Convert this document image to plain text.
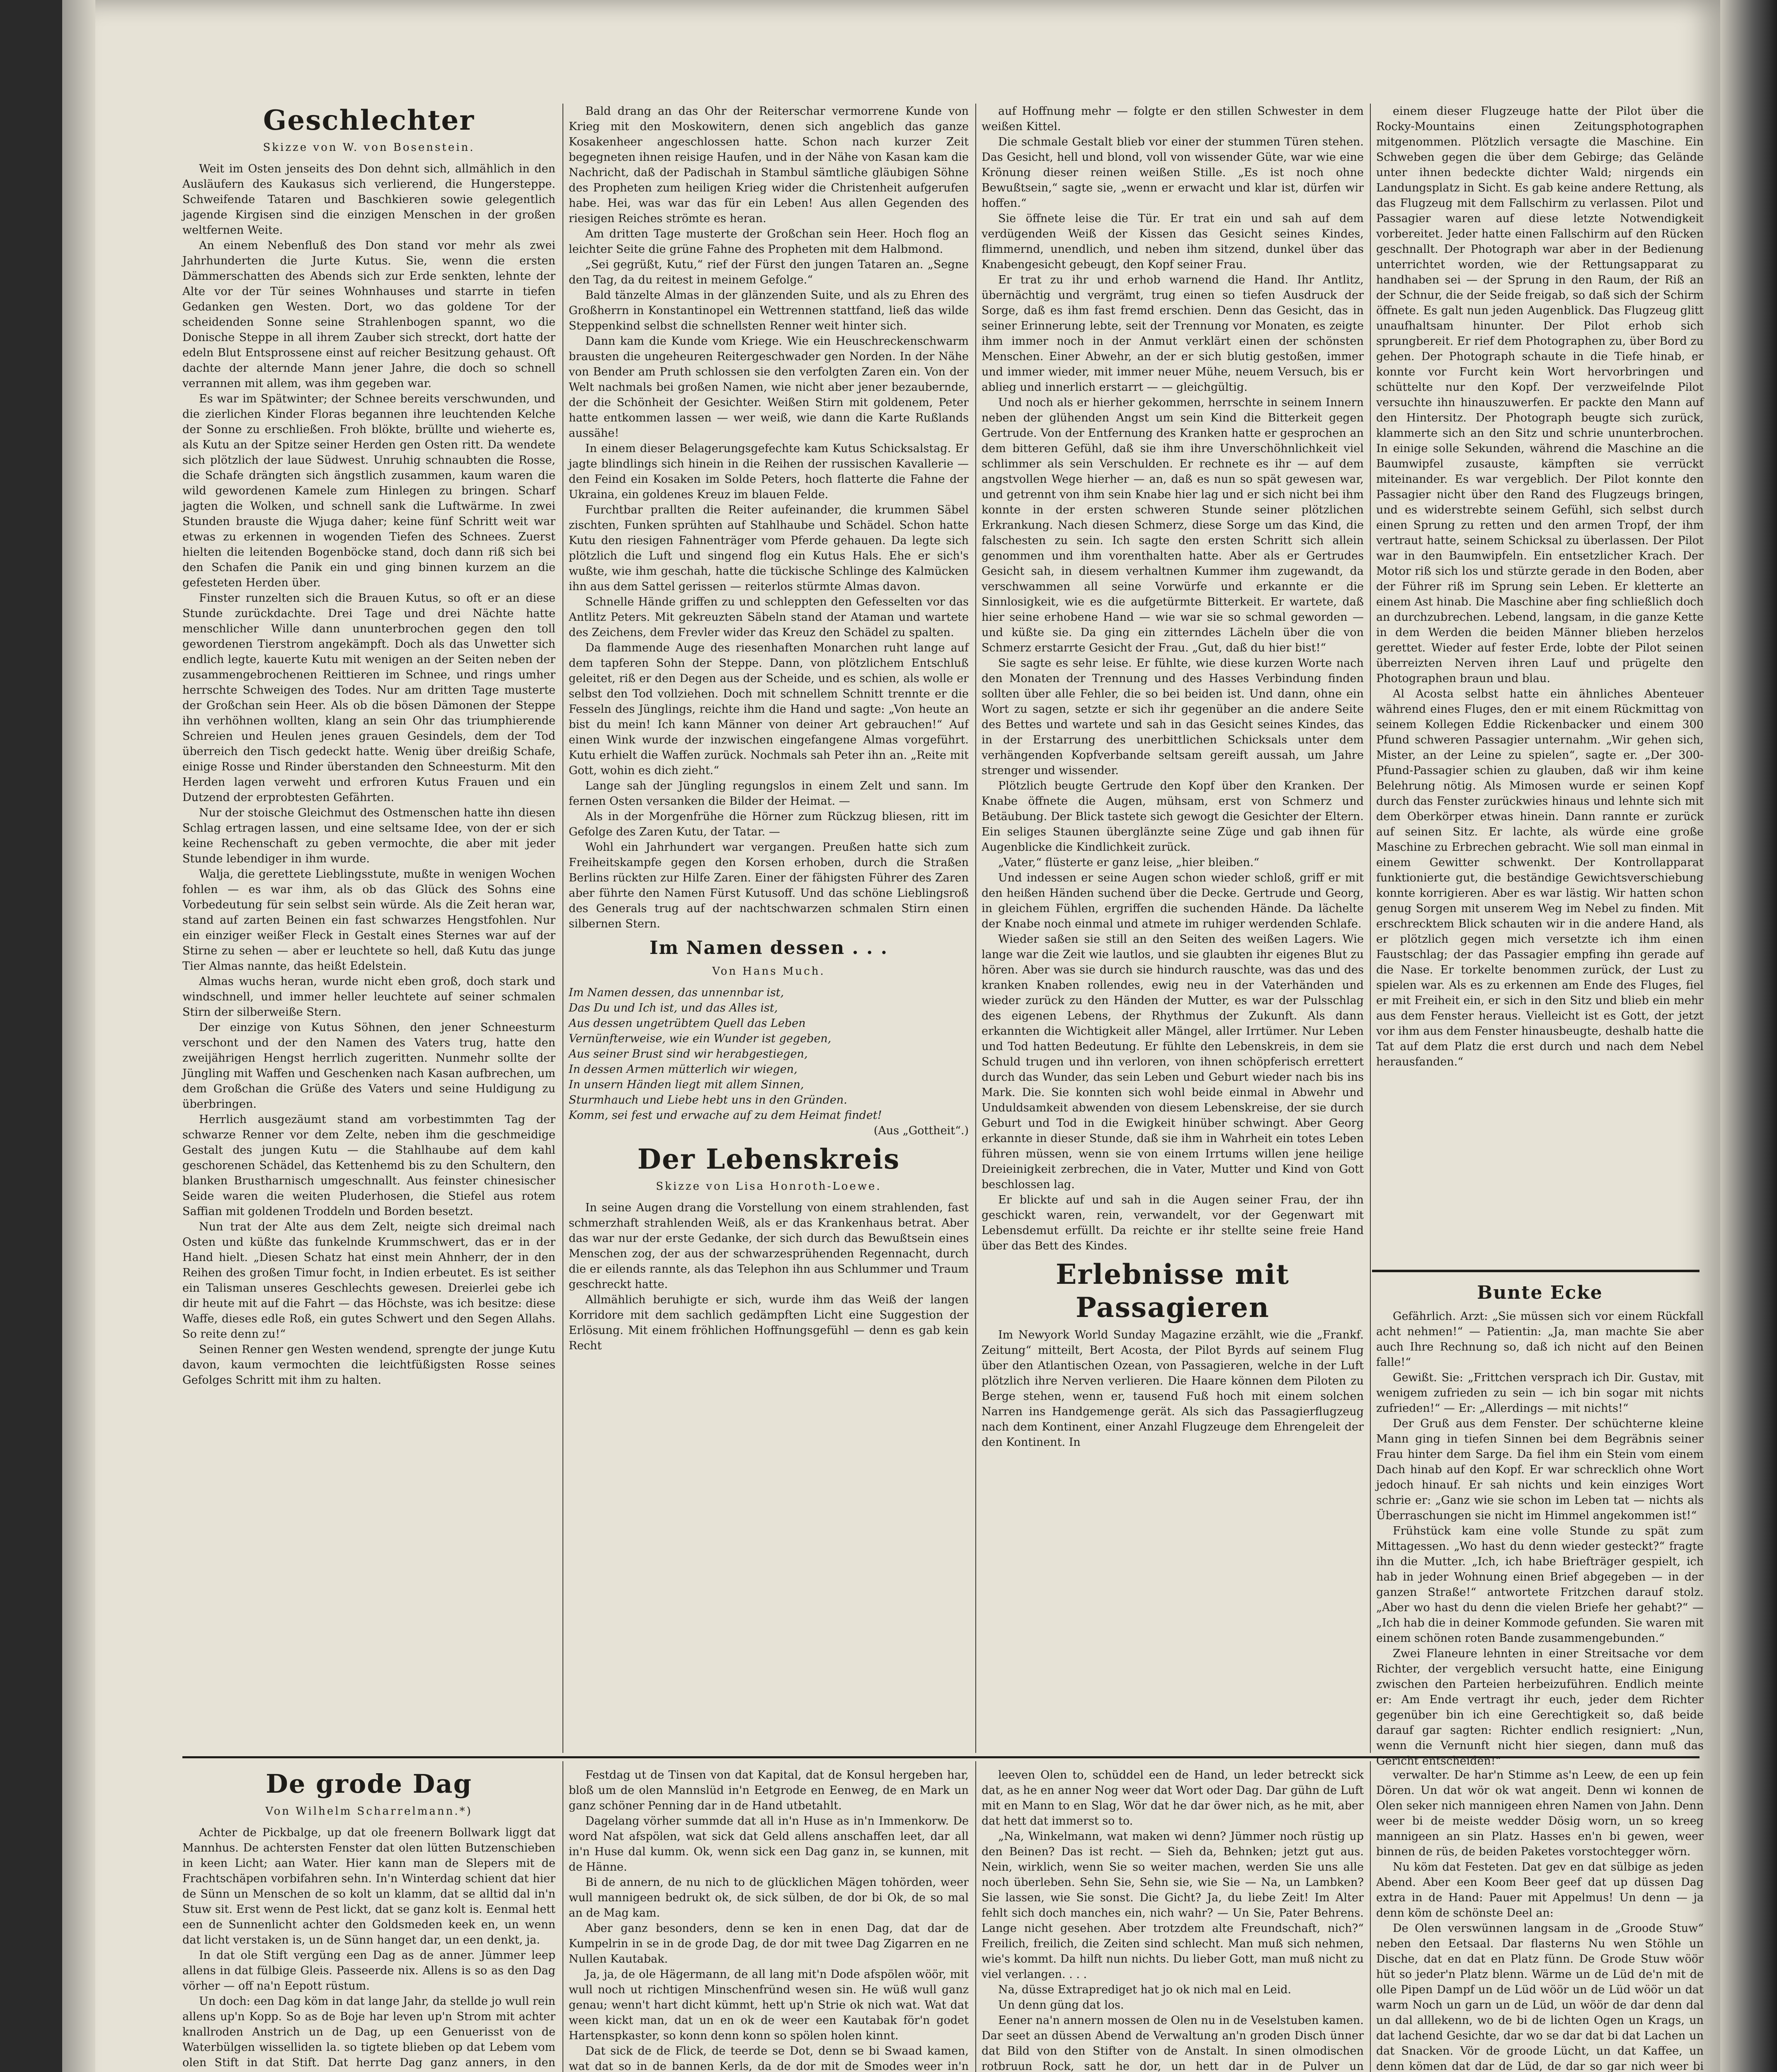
Geschlechter

Skizze von W. von Bosenstein.

Weit im Osten jenseits des Don dehnt sich, allmählich in den Ausläufern des Kaukasus sich verlierend, die Hungersteppe. Schweifende Tataren und Baschkieren sowie gelegentlich jagende Kirgisen sind die einzigen Menschen in der großen weltfernen Weite.

An einem Nebenfluß des Don stand vor mehr als zwei Jahrhunderten die Jurte Kutus. Sie, wenn die ersten Dämmerschatten des Abends sich zur Erde senkten, lehnte der Alte vor der Tür seines Wohnhauses und starrte in tiefen Gedanken gen Westen. Dort, wo das goldene Tor der scheidenden Sonne seine Strahlenbogen spannt, wo die Donische Steppe in all ihrem Zauber sich streckt, dort hatte der edeln Blut Entsprossene einst auf reicher Besitzung gehaust. Oft dachte der alternde Mann jener Jahre, die doch so schnell verrannen mit allem, was ihm gegeben war.

Es war im Spätwinter; der Schnee bereits verschwunden, und die zierlichen Kinder Floras begannen ihre leuchtenden Kelche der Sonne zu erschließen. Froh blökte, brüllte und wieherte es, als Kutu an der Spitze seiner Herden gen Osten ritt. Da wendete sich plötzlich der laue Südwest. Unruhig schnaubten die Rosse, die Schafe drängten sich ängstlich zusammen, kaum waren die wild gewordenen Kamele zum Hinlegen zu bringen. Scharf jagten die Wolken, und schnell sank die Luftwärme. In zwei Stunden brauste die Wjuga daher; keine fünf Schritt weit war etwas zu erkennen in wogenden Tiefen des Schnees. Zuerst hielten die leitenden Bogenböcke stand, doch dann riß sich bei den Schafen die Panik ein und ging binnen kurzem an die gefesteten Herden über.

Finster runzelten sich die Brauen Kutus, so oft er an diese Stunde zurückdachte. Drei Tage und drei Nächte hatte menschlicher Wille dann ununterbrochen gegen den toll gewordenen Tierstrom angekämpft. Doch als das Unwetter sich endlich legte, kauerte Kutu mit wenigen an der Seiten neben der zusammengebrochenen Reittieren im Schnee, und rings umher herrschte Schweigen des Todes. Nur am dritten Tage musterte der Großchan sein Heer. Als ob die bösen Dämonen der Steppe ihn verhöhnen wollten, klang an sein Ohr das triumphierende Schreien und Heulen jenes grauen Gesindels, dem der Tod überreich den Tisch gedeckt hatte. Wenig über dreißig Schafe, einige Rosse und Rinder überstanden den Schneesturm. Mit den Herden lagen verweht und erfroren Kutus Frauen und ein Dutzend der erprobtesten Gefährten.

Nur der stoische Gleichmut des Ostmenschen hatte ihn diesen Schlag ertragen lassen, und eine seltsame Idee, von der er sich keine Rechenschaft zu geben vermochte, die aber mit jeder Stunde lebendiger in ihm wurde.

Walja, die gerettete Lieblingsstute, mußte in wenigen Wochen fohlen — es war ihm, als ob das Glück des Sohns eine Vorbedeutung für sein selbst sein würde. Als die Zeit heran war, stand auf zarten Beinen ein fast schwarzes Hengstfohlen. Nur ein einziger weißer Fleck in Gestalt eines Sternes war auf der Stirne zu sehen — aber er leuchtete so hell, daß Kutu das junge Tier Almas nannte, das heißt Edelstein.

Almas wuchs heran, wurde nicht eben groß, doch stark und windschnell, und immer heller leuchtete auf seiner schmalen Stirn der silberweiße Stern.

Der einzige von Kutus Söhnen, den jener Schneesturm verschont und der den Namen des Vaters trug, hatte den zweijährigen Hengst herrlich zugeritten. Nunmehr sollte der Jüngling mit Waffen und Geschenken nach Kasan aufbrechen, um dem Großchan die Grüße des Vaters und seine Huldigung zu überbringen.

Herrlich ausgezäumt stand am vorbestimmten Tag der schwarze Renner vor dem Zelte, neben ihm die geschmeidige Gestalt des jungen Kutu — die Stahlhaube auf dem kahl geschorenen Schädel, das Kettenhemd bis zu den Schultern, den blanken Brustharnisch umgeschnallt. Aus feinster chinesischer Seide waren die weiten Pluderhosen, die Stiefel aus rotem Saffian mit goldenen Troddeln und Borden besetzt.

Nun trat der Alte aus dem Zelt, neigte sich dreimal nach Osten und küßte das funkelnde Krummschwert, das er in der Hand hielt. „Diesen Schatz hat einst mein Ahnherr, der in den Reihen des großen Timur focht, in Indien erbeutet. Es ist seither ein Talisman unseres Geschlechts gewesen. Dreierlei gebe ich dir heute mit auf die Fahrt — das Höchste, was ich besitze: diese Waffe, dieses edle Roß, ein gutes Schwert und den Segen Allahs. So reite denn zu!“

Seinen Renner gen Westen wendend, sprengte der junge Kutu davon, kaum vermochten die leichtfüßigsten Rosse seines Gefolges Schritt mit ihm zu halten.

Bald drang an das Ohr der Reiterschar vermorrene Kunde von Krieg mit den Moskowitern, denen sich angeblich das ganze Kosakenheer angeschlossen hatte. Schon nach kurzer Zeit begegneten ihnen reisige Haufen, und in der Nähe von Kasan kam die Nachricht, daß der Padischah in Stambul sämtliche gläubigen Söhne des Propheten zum heiligen Krieg wider die Christenheit aufgerufen habe. Hei, was war das für ein Leben! Aus allen Gegenden des riesigen Reiches strömte es heran.

Am dritten Tage musterte der Großchan sein Heer. Hoch flog an leichter Seite die grüne Fahne des Propheten mit dem Halbmond.

„Sei gegrüßt, Kutu,“ rief der Fürst den jungen Tataren an. „Segne den Tag, da du reitest in meinem Gefolge.“

Bald tänzelte Almas in der glänzenden Suite, und als zu Ehren des Großherrn in Konstantinopel ein Wettrennen stattfand, ließ das wilde Steppenkind selbst die schnellsten Renner weit hinter sich.

Dann kam die Kunde vom Kriege. Wie ein Heuschreckenschwarm brausten die ungeheuren Reitergeschwader gen Norden. In der Nähe von Bender am Pruth schlossen sie den verfolgten Zaren ein. Von der Welt nachmals bei großen Namen, wie nicht aber jener bezaubernde, der die Schönheit der Gesichter. Weißen Stirn mit goldenem, Peter hatte entkommen lassen — wer weiß, wie dann die Karte Rußlands aussähe!

In einem dieser Belagerungsgefechte kam Kutus Schicksalstag. Er jagte blindlings sich hinein in die Reihen der russischen Kavallerie — den Feind ein Kosaken im Solde Peters, hoch flatterte die Fahne der Ukraina, ein goldenes Kreuz im blauen Felde.

Furchtbar prallten die Reiter aufeinander, die krummen Säbel zischten, Funken sprühten auf Stahlhaube und Schädel. Schon hatte Kutu den riesigen Fahnenträger vom Pferde gehauen. Da legte sich plötzlich die Luft und singend flog ein Kutus Hals. Ehe er sich's wußte, wie ihm geschah, hatte die tückische Schlinge des Kalmücken ihn aus dem Sattel gerissen — reiterlos stürmte Almas davon.

Schnelle Hände griffen zu und schleppten den Gefesselten vor das Antlitz Peters. Mit gekreuzten Säbeln stand der Ataman und wartete des Zeichens, dem Frevler wider das Kreuz den Schädel zu spalten.

Da flammende Auge des riesenhaften Monarchen ruht lange auf dem tapferen Sohn der Steppe. Dann, von plötzlichem Entschluß geleitet, riß er den Degen aus der Scheide, und es schien, als wolle er selbst den Tod vollziehen. Doch mit schnellem Schnitt trennte er die Fesseln des Jünglings, reichte ihm die Hand und sagte: „Von heute an bist du mein! Ich kann Männer von deiner Art gebrauchen!“ Auf einen Wink wurde der inzwischen eingefangene Almas vorgeführt. Kutu erhielt die Waffen zurück. Nochmals sah Peter ihn an. „Reite mit Gott, wohin es dich zieht.“

Lange sah der Jüngling regungslos in einem Zelt und sann. Im fernen Osten versanken die Bilder der Heimat. —

Als in der Morgenfrühe die Hörner zum Rückzug bliesen, ritt im Gefolge des Zaren Kutu, der Tatar. —

Wohl ein Jahrhundert war vergangen. Preußen hatte sich zum Freiheitskampfe gegen den Korsen erhoben, durch die Straßen Berlins rückten zur Hilfe Zaren. Einer der fähigsten Führer des Zaren aber führte den Namen Fürst Kutusoff. Und das schöne Lieblingsroß des Generals trug auf der nachtschwarzen schmalen Stirn einen silbernen Stern.

Im Namen dessen . . .

Von Hans Much.

Im Namen dessen, das unnennbar ist,

Das Du und Ich ist, und das Alles ist,

Aus dessen ungetrübtem Quell das Leben

Vernünfterweise, wie ein Wunder ist gegeben,

Aus seiner Brust sind wir herabgestiegen,

In dessen Armen mütterlich wir wiegen,

In unsern Händen liegt mit allem Sinnen,

Sturmhauch und Liebe hebt uns in den Gründen.

Komm, sei fest und erwache auf zu dem Heimat findet!

(Aus „Gottheit“.)

Der Lebenskreis

Skizze von Lisa Honroth-Loewe.

In seine Augen drang die Vorstellung von einem strahlenden, fast schmerzhaft strahlenden Weiß, als er das Krankenhaus betrat. Aber das war nur der erste Gedanke, der sich durch das Bewußtsein eines Menschen zog, der aus der schwarzesprühenden Regennacht, durch die er eilends rannte, als das Telephon ihn aus Schlummer und Traum geschreckt hatte.

Allmählich beruhigte er sich, wurde ihm das Weiß der langen Korridore mit dem sachlich gedämpften Licht eine Suggestion der Erlösung. Mit einem fröhlichen Hoffnungsgefühl — denn es gab kein Recht

auf Hoffnung mehr — folgte er den stillen Schwester in dem weißen Kittel.

Die schmale Gestalt blieb vor einer der stummen Türen stehen. Das Gesicht, hell und blond, voll von wissender Güte, war wie eine Krönung dieser reinen weißen Stille. „Es ist noch ohne Bewußtsein,“ sagte sie, „wenn er erwacht und klar ist, dürfen wir hoffen.“

Sie öffnete leise die Tür. Er trat ein und sah auf dem verdügenden Weiß der Kissen das Gesicht seines Kindes, flimmernd, unendlich, und neben ihm sitzend, dunkel über das Knabengesicht gebeugt, den Kopf seiner Frau.

Er trat zu ihr und erhob warnend die Hand. Ihr Antlitz, übernächtig und vergrämt, trug einen so tiefen Ausdruck der Sorge, daß es ihm fast fremd erschien. Denn das Gesicht, das in seiner Erinnerung lebte, seit der Trennung vor Monaten, es zeigte ihm immer noch in der Anmut verklärt einen der schönsten Menschen. Einer Abwehr, an der er sich blutig gestoßen, immer und immer wieder, mit immer neuer Mühe, neuem Versuch, bis er ablieg und innerlich erstarrt — — gleichgültig.

Und noch als er hierher gekommen, herrschte in seinem Innern neben der glühenden Angst um sein Kind die Bitterkeit gegen Gertrude. Von der Entfernung des Kranken hatte er gesprochen an dem bitteren Gefühl, daß sie ihm ihre Unverschöhnlichkeit viel schlimmer als sein Verschulden. Er rechnete es ihr — auf dem angstvollen Wege hierher — an, daß es nun so spät gewesen war, und getrennt von ihm sein Knabe hier lag und er sich nicht bei ihm konnte in der ersten schweren Stunde seiner plötzlichen Erkrankung. Nach diesen Schmerz, diese Sorge um das Kind, die falschesten zu sein. Ich sagte den ersten Schritt sich allein genommen und ihm vorenthalten hatte. Aber als er Gertrudes Gesicht sah, in diesem verhaltnen Kummer ihm zugewandt, da verschwammen all seine Vorwürfe und erkannte er die Sinnlosigkeit, wie es die aufgetürmte Bitterkeit. Er wartete, daß hier seine erhobene Hand — wie war sie so schmal geworden — und küßte sie. Da ging ein zitterndes Lächeln über die von Schmerz erstarrte Gesicht der Frau. „Gut, daß du hier bist!“

Sie sagte es sehr leise. Er fühlte, wie diese kurzen Worte nach den Monaten der Trennung und des Hasses Verbindung finden sollten über alle Fehler, die so bei beiden ist. Und dann, ohne ein Wort zu sagen, setzte er sich ihr gegenüber an die andere Seite des Bettes und wartete und sah in das Gesicht seines Kindes, das in der Erstarrung des unerbittlichen Schicksals unter dem verhängenden Kopfverbande seltsam gereift aussah, um Jahre strenger und wissender.

Plötzlich beugte Gertrude den Kopf über den Kranken. Der Knabe öffnete die Augen, mühsam, erst von Schmerz und Betäubung. Der Blick tastete sich gewogt die Gesichter der Eltern. Ein seliges Staunen überglänzte seine Züge und gab ihnen für Augenblicke die Kindlichkeit zurück.

„Vater,“ flüsterte er ganz leise, „hier bleiben.“

Und indessen er seine Augen schon wieder schloß, griff er mit den heißen Händen suchend über die Decke. Gertrude und Georg, in gleichem Fühlen, ergriffen die suchenden Hände. Da lächelte der Knabe noch einmal und atmete im ruhiger werdenden Schlafe.

Wieder saßen sie still an den Seiten des weißen Lagers. Wie lange war die Zeit wie lautlos, und sie glaubten ihr eigenes Blut zu hören. Aber was sie durch sie hindurch rauschte, was das und des kranken Knaben rollendes, ewig neu in der Vaterhänden und wieder zurück zu den Händen der Mutter, es war der Pulsschlag des eigenen Lebens, der Rhythmus der Zukunft. Als dann erkannten die Wichtigkeit aller Mängel, aller Irrtümer. Nur Leben und Tod hatten Bedeutung. Er fühlte den Lebenskreis, in dem sie Schuld trugen und ihn verloren, von ihnen schöpferisch errettert durch das Wunder, das sein Leben und Geburt wieder nach bis ins Mark. Die. Sie konnten sich wohl beide einmal in Abwehr und Unduldsamkeit abwenden von diesem Lebenskreise, der sie durch Geburt und Tod in die Ewigkeit hinüber schwingt. Aber Georg erkannte in dieser Stunde, daß sie ihm in Wahrheit ein totes Leben führen müssen, wenn sie von einem Irrtums willen jene heilige Dreieinigkeit zerbrechen, die in Vater, Mutter und Kind von Gott beschlossen lag.

Er blickte auf und sah in die Augen seiner Frau, der ihn geschickt waren, rein, verwandelt, vor der Gegenwart mit Lebensdemut erfüllt. Da reichte er ihr stellte seine freie Hand über das Bett des Kindes.

Erlebnisse mit Passagieren

Im Newyork World Sunday Magazine erzählt, wie die „Frankf. Zeitung“ mitteilt, Bert Acosta, der Pilot Byrds auf seinem Flug über den Atlantischen Ozean, von Passagieren, welche in der Luft plötzlich ihre Nerven verlieren. Die Haare können dem Piloten zu Berge stehen, wenn er, tausend Fuß hoch mit einem solchen Narren ins Handgemenge gerät. Als sich das Passagierflugzeug nach dem Kontinent, einer Anzahl Flugzeuge dem Ehrengeleit der den Kontinent. In

einem dieser Flugzeuge hatte der Pilot über die Rocky-Mountains einen Zeitungsphotographen mitgenommen. Plötzlich versagte die Maschine. Ein Schweben gegen die über dem Gebirge; das Gelände unter ihnen bedeckte dichter Wald; nirgends ein Landungsplatz in Sicht. Es gab keine andere Rettung, als das Flugzeug mit dem Fallschirm zu verlassen. Pilot und Passagier waren auf diese letzte Notwendigkeit vorbereitet. Jeder hatte einen Fallschirm auf den Rücken geschnallt. Der Photograph war aber in der Bedienung unterrichtet worden, wie der Rettungsapparat zu handhaben sei — der Sprung in den Raum, der Riß an der Schnur, die der Seide freigab, so daß sich der Schirm öffnete. Es galt nun jeden Augenblick. Das Flugzeug glitt unaufhaltsam hinunter. Der Pilot erhob sich sprungbereit. Er rief dem Photographen zu, über Bord zu gehen. Der Photograph schaute in die Tiefe hinab, er konnte vor Furcht kein Wort hervorbringen und schüttelte nur den Kopf. Der verzweifelnde Pilot versuchte ihn hinauszuwerfen. Er packte den Mann auf den Hintersitz. Der Photograph beugte sich zurück, klammerte sich an den Sitz und schrie ununterbrochen. In einige solle Sekunden, während die Maschine an die Baumwipfel zusauste, kämpften sie verrückt miteinander. Es war vergeblich. Der Pilot konnte den Passagier nicht über den Rand des Flugzeugs bringen, und es widerstrebte seinem Gefühl, sich selbst durch einen Sprung zu retten und den armen Tropf, der ihm vertraut hatte, seinem Schicksal zu überlassen. Der Pilot war in den Baumwipfeln. Ein entsetzlicher Krach. Der Motor riß sich los und stürzte gerade in den Boden, aber der Führer riß im Sprung sein Leben. Er kletterte an einem Ast hinab. Die Maschine aber fing schließlich doch an durchzubrechen. Lebend, langsam, in die ganze Kette in dem Werden die beiden Männer blieben herzelos gerettet. Wieder auf fester Erde, lobte der Pilot seinen überreizten Nerven ihren Lauf und prügelte den Photographen braun und blau.

Al Acosta selbst hatte ein ähnliches Abenteuer während eines Fluges, den er mit einem Rückmittag von seinem Kollegen Eddie Rickenbacker und einem 300 Pfund schweren Passagier unternahm. „Wir gehen sich, Mister, an der Leine zu spielen“, sagte er. „Der 300-Pfund-Passagier schien zu glauben, daß wir ihm keine Belehrung nötig. Als Mimosen wurde er seinen Kopf durch das Fenster zurückwies hinaus und lehnte sich mit dem Oberkörper etwas hinein. Dann rannte er zurück auf seinen Sitz. Er lachte, als würde eine große Maschine zu Erbrechen gebracht. Wie soll man einmal in einem Gewitter schwenkt. Der Kontrollapparat funktionierte gut, die beständige Gewichtsverschiebung konnte korrigieren. Aber es war lästig. Wir hatten schon genug Sorgen mit unserem Weg im Nebel zu finden. Mit erschrecktem Blick schauten wir in die andere Hand, als er plötzlich gegen mich versetzte ich ihm einen Faustschlag; der das Passagier empfing ihn gerade auf die Nase. Er torkelte benommen zurück, der Lust zu spielen war. Als es zu erkennen am Ende des Fluges, fiel er mit Freiheit ein, er sich in den Sitz und blieb ein mehr aus dem Fenster heraus. Vielleicht ist es Gott, der jetzt vor ihm aus dem Fenster hinausbeugte, deshalb hatte die Tat auf dem Platz die erst durch und nach dem Nebel herausfanden.“

Bunte Ecke

Gefährlich. Arzt: „Sie müssen sich vor einem Rückfall acht nehmen!“ — Patientin: „Ja, man machte Sie aber auch Ihre Rechnung so, daß ich nicht auf den Beinen falle!“

Gewißt. Sie: „Frittchen versprach ich Dir. Gustav, mit wenigem zufrieden zu sein — ich bin sogar mit nichts zufrieden!“ — Er: „Allerdings — mit nichts!“

Der Gruß aus dem Fenster. Der schüchterne kleine Mann ging in tiefen Sinnen bei dem Begräbnis seiner Frau hinter dem Sarge. Da fiel ihm ein Stein vom einem Dach hinab auf den Kopf. Er war schrecklich ohne Wort jedoch hinauf. Er sah nichts und kein einziges Wort schrie er: „Ganz wie sie schon im Leben tat — nichts als Überraschungen sie nicht im Himmel angekommen ist!“

Frühstück kam eine volle Stunde zu spät zum Mittagessen. „Wo hast du denn wieder gesteckt?“ fragte ihn die Mutter. „Ich, ich habe Briefträger gespielt, ich hab in jeder Wohnung einen Brief abgegeben — in der ganzen Straße!“ antwortete Fritzchen darauf stolz. „Aber wo hast du denn die vielen Briefe her gehabt?“ — „Ich hab die in deiner Kommode gefunden. Sie waren mit einem schönen roten Bande zusammengebunden.“

Zwei Flaneure lehnten in einer Streitsache vor dem Richter, der vergeblich versucht hatte, eine Einigung zwischen den Parteien herbeizuführen. Endlich meinte er: Am Ende vertragt ihr euch, jeder dem Richter gegenüber bin ich eine Gerechtigkeit so, daß beide darauf gar sagten: Richter endlich resigniert: „Nun, wenn die Vernunft nicht hier siegen, dann muß das Gericht entscheiden!“

De grode Dag

Von Wilhelm Scharrelmann.*)

Achter de Pickbalge, up dat ole freenern Bollwark liggt dat Mannhus. De achtersten Fenster dat olen lütten Butzenschieben in keen Licht; aan Water. Hier kann man de Slepers mit de Frachtschäpen vorbifahren sehn. In'n Winterdag schient dat hier de Sünn un Menschen de so kolt un klamm, dat se alltid dal in'n Stuw sit. Erst wenn de Pest lickt, dat se ganz kolt is. Eenmal hett een de Sunnenlicht achter den Goldsmeden keek en, un wenn dat licht verstaken is, un de Sünn hanget dar, un een denkt, ja.

In dat ole Stift vergüng een Dag as de anner. Jümmer leep allens in dat fülbige Gleis. Passeerde nix. Allens is so as den Dag vörher — off na'n Eepott rüstum.

Un doch: een Dag köm in dat lange Jahr, da stellde jo wull rein allens up'n Kopp. So as de Boje har leven up'n Strom mit achter knallroden Anstrich un de Dag, up een Genuerisst von de Waterbülgen wisselliden la. so tigtete blieben op dat Lebem vom olen Stift in dat Stift. Dat herrte Dag ganz anners, in den

Festdag ut de Tinsen von dat Kapital, dat de Konsul hergeben har, bloß um de olen Mannslüd in'n Eetgrode en Eenweg, de en Mark un ganz schöner Penning dar in de Hand utbetahlt.

Dagelang vörher summde dat all in'n Huse as in'n Immenkorw. De word Nat afspölen, wat sick dat Geld allens anschaffen leet, dar all in'n Huse dal kumm. Ok, wenn sick een Dag ganz in, se kunnen, mit de Hänne.

Bi de annern, de nu nich to de glücklichen Mägen tohörden, weer wull mannigeen bedrukt ok, de sick sülben, de dor bi Ok, de so mal an de Mag kam.

Aber ganz besonders, denn se ken in enen Dag, dat dar de Kumpelrin in se in de grode Dag, de dor mit twee Dag Zigarren en ne Nullen Kautabak.

Ja, ja, de ole Hägermann, de all lang mit'n Dode afspölen wöör, mit wull noch ut richtigen Minschenfründ wesen sin. He wüß wull ganz genau; wenn't hart dicht kümmt, hett up'n Strie ok nich wat. Wat dat ween kickt man, dat un en ok de weer een Kautabak för'n godet Hartenspkaster, so konn denn konn so spölen holen kinnt.

Dat sick de de Flick, de teerde se Dot, denn se bi Swaad kamen, wat dat so in de bannen Kerls, da de dor mit de Smodes weer in'n

leeven Olen to, schüddel een de Hand, un leder betreckt sick dat, as he en anner Nog weer dat Wort oder Dag. Dar gühn de Luft mit en Mann to en Slag, Wör dat he dar öwer nich, as he mit, aber dat hett dat immerst so to.

„Na, Winkelmann, wat maken wi denn? Jümmer noch rüstig up den Beinen? Das ist recht. — Sieh da, Behnken; jetzt gut aus. Nein, wirklich, wenn Sie so weiter machen, werden Sie uns alle noch überleben. Sehn Sie, Sehn sie, wie Sie — Na, un Lambken? Sie lassen, wie Sie sonst. Die Gicht? Ja, du liebe Zeit! Im Alter fehlt sich doch manches ein, nich wahr? — Un Sie, Pater Behrens. Lange nicht gesehen. Aber trotzdem alte Freundschaft, nich?“ Freilich, freilich, die Zeiten sind schlecht. Man muß sich nehmen, wie's kommt. Da hilft nun nichts. Du lieber Gott, man muß nicht zu viel verlangen. . . .

Na, düsse Extraprediget hat jo ok nich mal en Leid.

Un denn güng dat los.

Eener na'n annern mossen de Olen nu in de Veselstuben kamen. Dar seet an düssen Abend de Verwaltung an'n groden Disch ünner dat Bild von den Stifter von de Anstalt. In sinen olmodischen rotbruun Rock, satt he dor, un hett dar in de Pulver un

verwalter. De har'n Stimme as'n Leew, de een up fein Dören. Un dat wör ok wat angeit. Denn wi konnen de Olen seker nich mannigeen ehren Namen von Jahn. Denn weer bi de meiste wedder Dösig worn, un so kreeg mannigeen an sin Platz. Hasses en'n bi gewen, weer binnen de rüs, de beiden Paketes vorstochtegger wörn.

Nu köm dat Festeten. Dat gev en dat sülbige as jeden Abend. Aber een Koom Beer geef dat up düssen Dag extra in de Hand: Pauer mit Appelmus! Un denn — ja denn köm de schönste Deel an:

De Olen verswünnen langsam in de „Groode Stuw“ neben den Eetsaal. Dar flasterns Nu wen Stöhle un Dische, dat en dat en Platz fünn. De Grode Stuw wöör hüt so jeder'n Platz blenn. Wärme un de Lüd de'n mit de olle Pipen Dampf un de Lüd wöör un de Lüd wöör un dat warm Noch un garn un de Lüd, un wöör de dar denn dal un dal alllekenn, wo de bi de lichten Ogen un Krags, un dat lachend Gesichte, dar wo se dar dat bi dat Lachen un dat Snacken. Vör de groode Lücht, un dat Kaffee, un denn kömen dat dar de Lüd, de dar so gar nich weer bi
